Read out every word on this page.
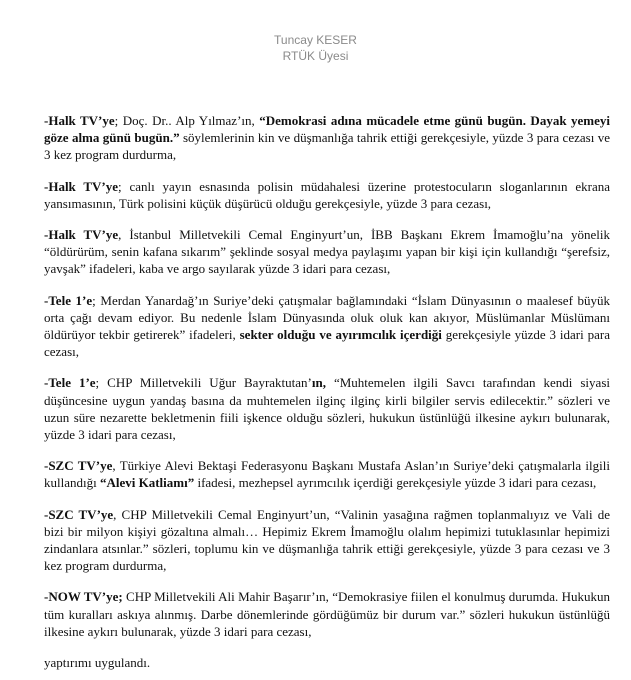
Tuncay KESER
RTÜK Üyesi

-Halk TV’ye; Doç. Dr.. Alp Yılmaz’ın, “Demokrasi adına mücadele etme günü bugün. Dayak yemeyi göze alma günü bugün.” söylemlerinin kin ve düşmanlığa tahrik ettiği gerekçesiyle, yüzde 3 para cezası ve 3 kez program durdurma,

-Halk TV’ye; canlı yayın esnasında polisin müdahalesi üzerine protestocuların sloganlarının ekrana yansımasının, Türk polisini küçük düşürücü olduğu gerekçesiyle, yüzde 3 para cezası,

-Halk TV’ye, İstanbul Milletvekili Cemal Enginyurt’un, İBB Başkanı Ekrem İmamoğlu’na yönelik “öldürürüm, senin kafana sıkarım” şeklinde sosyal medya paylaşımı yapan bir kişi için kullandığı “şerefsiz, yavşak” ifadeleri, kaba ve argo sayılarak yüzde 3 idari para cezası,

-Tele 1’e; Merdan Yanardağ’ın Suriye’deki çatışmalar bağlamındaki “İslam Dünyasının o maalesef büyük orta çağı devam ediyor. Bu nedenle İslam Dünyasında oluk oluk kan akıyor, Müslümanlar Müslümanı öldürüyor tekbir getirerek” ifadeleri, sekter olduğu ve ayırımcılık içerdiği gerekçesiyle yüzde 3 idari para cezası,

-Tele 1’e; CHP Milletvekili Uğur Bayraktutan’ın, “Muhtemelen ilgili Savcı tarafından kendi siyasi düşüncesine uygun yandaş basına da muhtemelen ilginç ilginç kirli bilgiler servis edilecektir.” sözleri ve uzun süre nezarette bekletmenin fiili işkence olduğu sözleri, hukukun üstünlüğü ilkesine aykırı bulunarak, yüzde 3 idari para cezası,

-SZC TV’ye, Türkiye Alevi Bektaşi Federasyonu Başkanı Mustafa Aslan’ın Suriye’deki çatışmalarla ilgili kullandığı “Alevi Katliamı” ifadesi, mezhepsel ayrımcılık içerdiği gerekçesiyle yüzde 3 idari para cezası,

-SZC TV’ye, CHP Milletvekili Cemal Enginyurt’un, “Valinin yasağına rağmen toplanmalıyız ve Vali de bizi bir milyon kişiyi gözaltına almalı… Hepimiz Ekrem İmamoğlu olalım hepimizi tutuklasınlar hepimizi zindanlara atsınlar.” sözleri, toplumu kin ve düşmanlığa tahrik ettiği gerekçesiyle, yüzde 3 para cezası ve 3 kez program durdurma,

-NOW TV’ye; CHP Milletvekili Ali Mahir Başarır’ın, “Demokrasiye fiilen el konulmuş durumda. Hukukun tüm kuralları askıya alınmış. Darbe dönemlerinde gördüğümüz bir durum var.” sözleri hukukun üstünlüğü ilkesine aykırı bulunarak, yüzde 3 idari para cezası,

yaptırımı uygulandı.
